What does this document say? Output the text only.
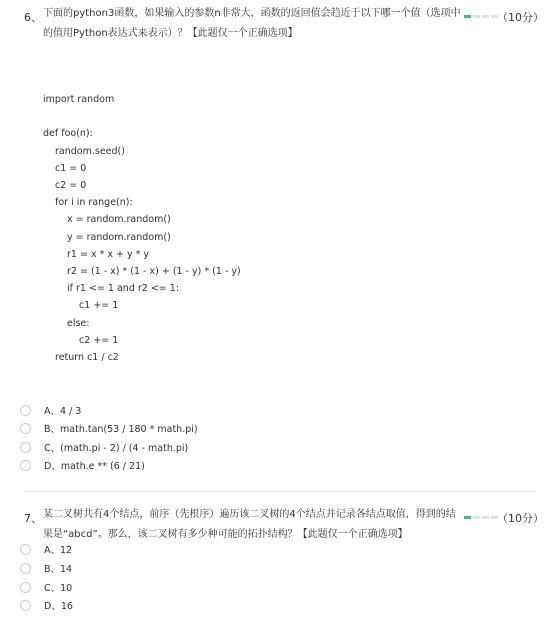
6、 下面的python3函数，如果输入的参数n非常大，函数的返回值会趋近于以下哪一个值（选项中的值用Python表达式来表示）？【此题仅一个正确选项】
（10分）
import random
def foo(n):
random.seed()
c1 = 0
c2 = 0
for i in range(n):
x = random.random()
y = random.random()
r1 = x * x + y * y
r2 = (1 - x) * (1 - x) + (1 - y) * (1 - y)
if r1 <= 1 and r2 <= 1:
c1 += 1
else:
c2 += 1
return c1 / c2
A、4 / 3
B、math.tan(53 / 180 * math.pi)
C、(math.pi - 2) / (4 - math.pi)
D、math.e ** (6 / 21)
7、 某二叉树共有4个结点，前序（先根序）遍历该二叉树的4个结点并记录各结点取值，得到的结果是“abcd”。那么，该二叉树有多少种可能的拓扑结构？【此题仅一个正确选项】
（10分）
A、12
B、14
C、10
D、16
